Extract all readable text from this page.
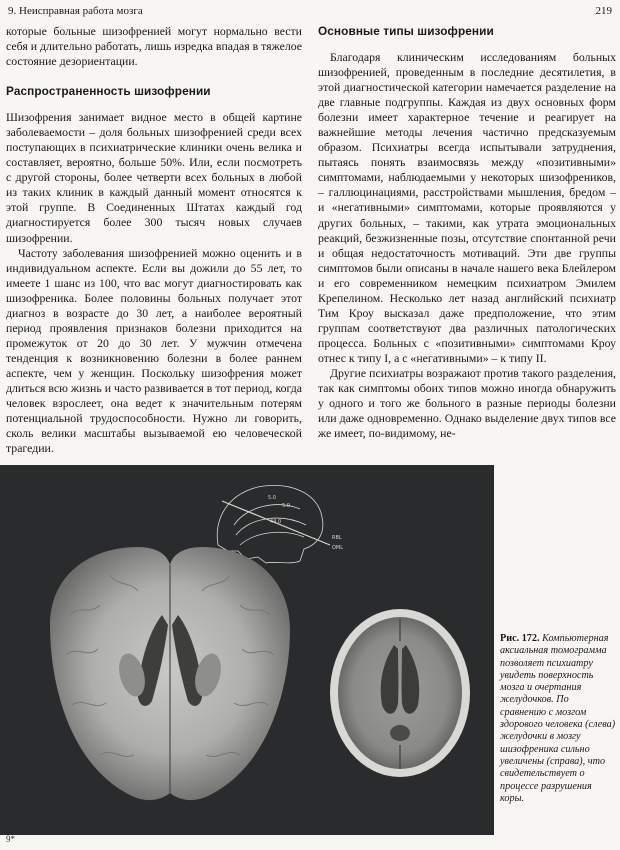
9. Неисправная работа мозга	219

которые больные шизофренией могут нормально вести себя и длительно работать, лишь изредка впадая в тяжелое состояние дезориентации.

Распространенность шизофрении

Шизофрения занимает видное место в общей картине заболеваемости – доля больных шизофренией среди всех поступающих в психиатрические клиники очень велика и составляет, вероятно, больше 50%. Или, если посмотреть с другой стороны, более четверти всех больных в любой из таких клиник в каждый данный момент относятся к этой группе. В Соединенных Штатах каждый год диагностируется более 300 тысяч новых случаев шизофрении.

Частоту заболевания шизофренией можно оценить и в индивидуальном аспекте. Если вы дожили до 55 лет, то имеете 1 шанс из 100, что вас могут диагностировать как шизофреника. Более половины больных получает этот диагноз в возрасте до 30 лет, а наиболее вероятный период проявления признаков болезни приходится на промежуток от 20 до 30 лет. У мужчин отмечена тенденция к возникновению болезни в более раннем аспекте, чем у женщин. Поскольку шизофрения может длиться всю жизнь и часто развивается в тот период, когда человек взрослеет, она ведет к значительным потерям потенциальной трудоспособности. Нужно ли говорить, сколь велики масштабы вызываемой ею человеческой трагедии.

Основные типы шизофрении

Благодаря клиническим исследованиям больных шизофренией, проведенным в последние десятилетия, в этой диагностической категории намечается разделение на две главные подгруппы. Каждая из двух основных форм болезни имеет характерное течение и реагирует на важнейшие методы лечения частично предсказуемым образом. Психиатры всегда испытывали затруднения, пытаясь понять взаимосвязь между «позитивными» симптомами, наблюдаемыми у некоторых шизофреников, – галлюцинациями, расстройствами мышления, бредом – и «негативными» симптомами, которые проявляются у других больных, – такими, как утрата эмоциональных реакций, безжизненные позы, отсутствие спонтанной речи и общая недостаточность мотиваций. Эти две группы симптомов были описаны в начале нашего века Блейлером и его современником немецким психиатром Эмилем Крепелином. Несколько лет назад английский психиатр Тим Кроу высказал даже предположение, что этим группам соответствуют два различных патологических процесса. Больных с «позитивными» симптомами Кроу отнес к типу I, а с «негативными» – к типу II.

Другие психиатры возражают против такого разделения, так как симптомы обоих типов можно иногда обнаружить у одного и того же больного в разные периоды болезни или даже одновременно. Однако выделение двух типов все же имеет, по-видимому, не-

5.0
5.0
44.0
RBL
OML
Рис. 172. Компьютерная аксиальная томограмма позволяет психиатру увидеть поверхность мозга и очертания желудочков. По сравнению с мозгом здорового человека (слева) желудочки в мозгу шизофреника сильно увеличены (справа), что свидетельствует о процессе разрушения коры.
9*
